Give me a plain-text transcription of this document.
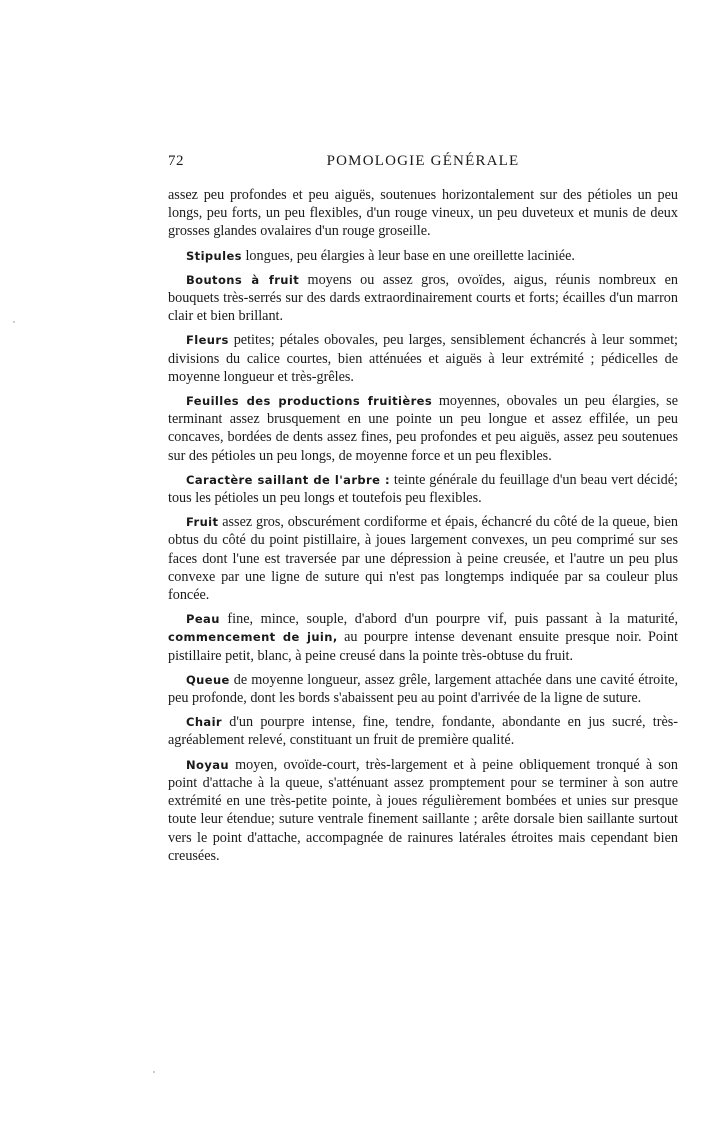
72	POMOLOGIE GÉNÉRALE

assez peu profondes et peu aiguës, soutenues horizontalement sur des pétioles un peu longs, peu forts, un peu flexibles, d'un rouge vineux, un peu duveteux et munis de deux grosses glandes ovalaires d'un rouge groseille.

Stipules longues, peu élargies à leur base en une oreillette laciniée.

Boutons à fruit moyens ou assez gros, ovoïdes, aigus, réunis nombreux en bouquets très-serrés sur des dards extraordinairement courts et forts; écailles d'un marron clair et bien brillant.

Fleurs petites; pétales obovales, peu larges, sensiblement échancrés à leur sommet; divisions du calice courtes, bien atténuées et aiguës à leur extrémité ; pédicelles de moyenne longueur et très-grêles.

Feuilles des productions fruitières moyennes, obovales un peu élargies, se terminant assez brusquement en une pointe un peu longue et assez effilée, un peu concaves, bordées de dents assez fines, peu profondes et peu aiguës, assez peu soutenues sur des pétioles un peu longs, de moyenne force et un peu flexibles.

Caractère saillant de l'arbre : teinte générale du feuillage d'un beau vert décidé; tous les pétioles un peu longs et toutefois peu flexibles.

Fruit assez gros, obscurément cordiforme et épais, échancré du côté de la queue, bien obtus du côté du point pistillaire, à joues largement convexes, un peu comprimé sur ses faces dont l'une est traversée par une dépression à peine creusée, et l'autre un peu plus convexe par une ligne de suture qui n'est pas longtemps indiquée par sa couleur plus foncée.

Peau fine, mince, souple, d'abord d'un pourpre vif, puis passant à la maturité, commencement de juin, au pourpre intense devenant ensuite presque noir. Point pistillaire petit, blanc, à peine creusé dans la pointe très-obtuse du fruit.

Queue de moyenne longueur, assez grêle, largement attachée dans une cavité étroite, peu profonde, dont les bords s'abaissent peu au point d'arrivée de la ligne de suture.

Chair d'un pourpre intense, fine, tendre, fondante, abondante en jus sucré, très-agréablement relevé, constituant un fruit de première qualité.

Noyau moyen, ovoïde-court, très-largement et à peine obliquement tronqué à son point d'attache à la queue, s'atténuant assez promptement pour se terminer à son autre extrémité en une très-petite pointe, à joues régulièrement bombées et unies sur presque toute leur étendue; suture ventrale finement saillante ; arête dorsale bien saillante surtout vers le point d'attache, accompagnée de rainures latérales étroites mais cependant bien creusées.
